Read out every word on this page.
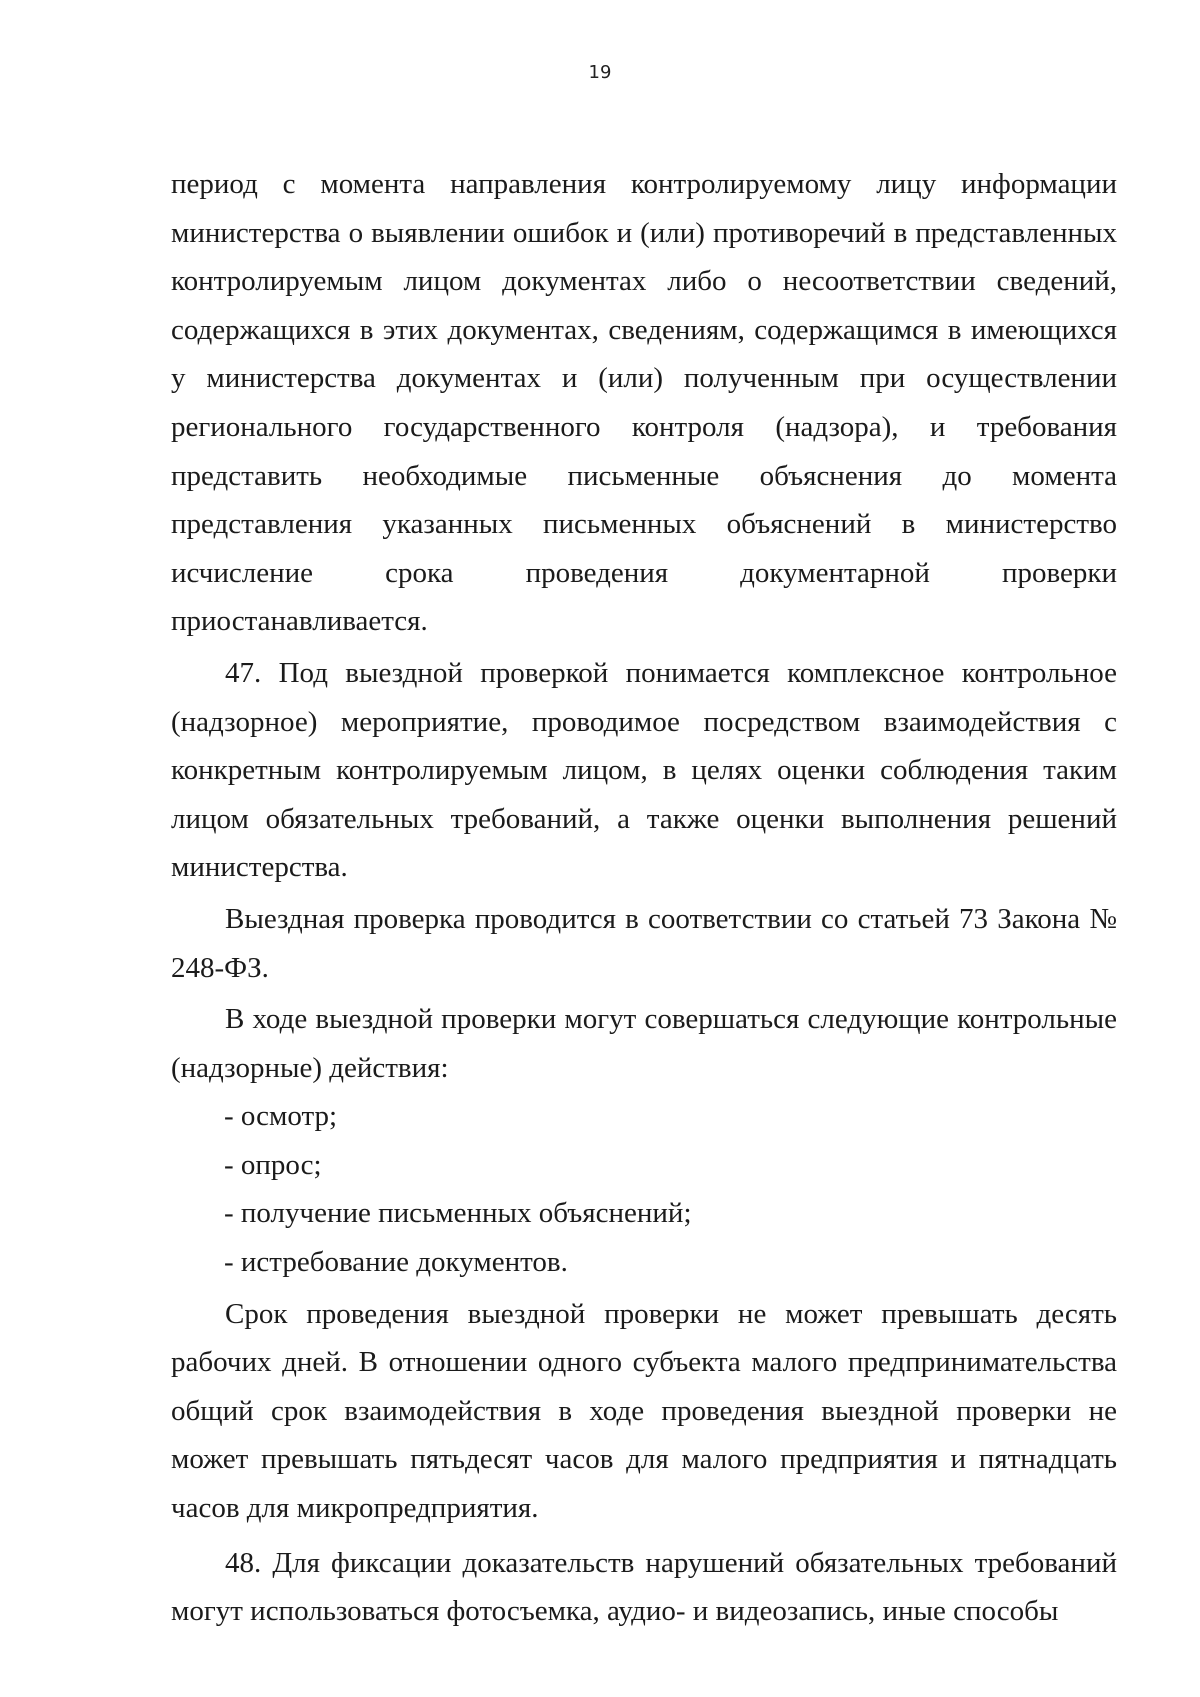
19

период с момента направления контролируемому лицу информации министерства о выявлении ошибок и (или) противоречий в представленных контролируемым лицом документах либо о несоответствии сведений, содержащихся в этих документах, сведениям, содержащимся в имеющихся у министерства документах и (или) полученным при осуществлении регионального государственного контроля (надзора), и требования представить необходимые письменные объяснения до момента представления указанных письменных объяснений в министерство исчисление срока проведения документарной проверки приостанавливается.

47. Под выездной проверкой понимается комплексное контрольное (надзорное) мероприятие, проводимое посредством взаимодействия с конкретным контролируемым лицом, в целях оценки соблюдения таким лицом обязательных требований, а также оценки выполнения решений министерства.

Выездная проверка проводится в соответствии со статьей 73 Закона № 248-ФЗ.

В ходе выездной проверки могут совершаться следующие контрольные (надзорные) действия:

- осмотр;

- опрос;

- получение письменных объяснений;

- истребование документов.

Срок проведения выездной проверки не может превышать десять рабочих дней. В отношении одного субъекта малого предпринимательства общий срок взаимодействия в ходе проведения выездной проверки не может превышать пятьдесят часов для малого предприятия и пятнадцать часов для микропредприятия.

48. Для фиксации доказательств нарушений обязательных требований могут использоваться фотосъемка, аудио- и видеозапись, иные способы
